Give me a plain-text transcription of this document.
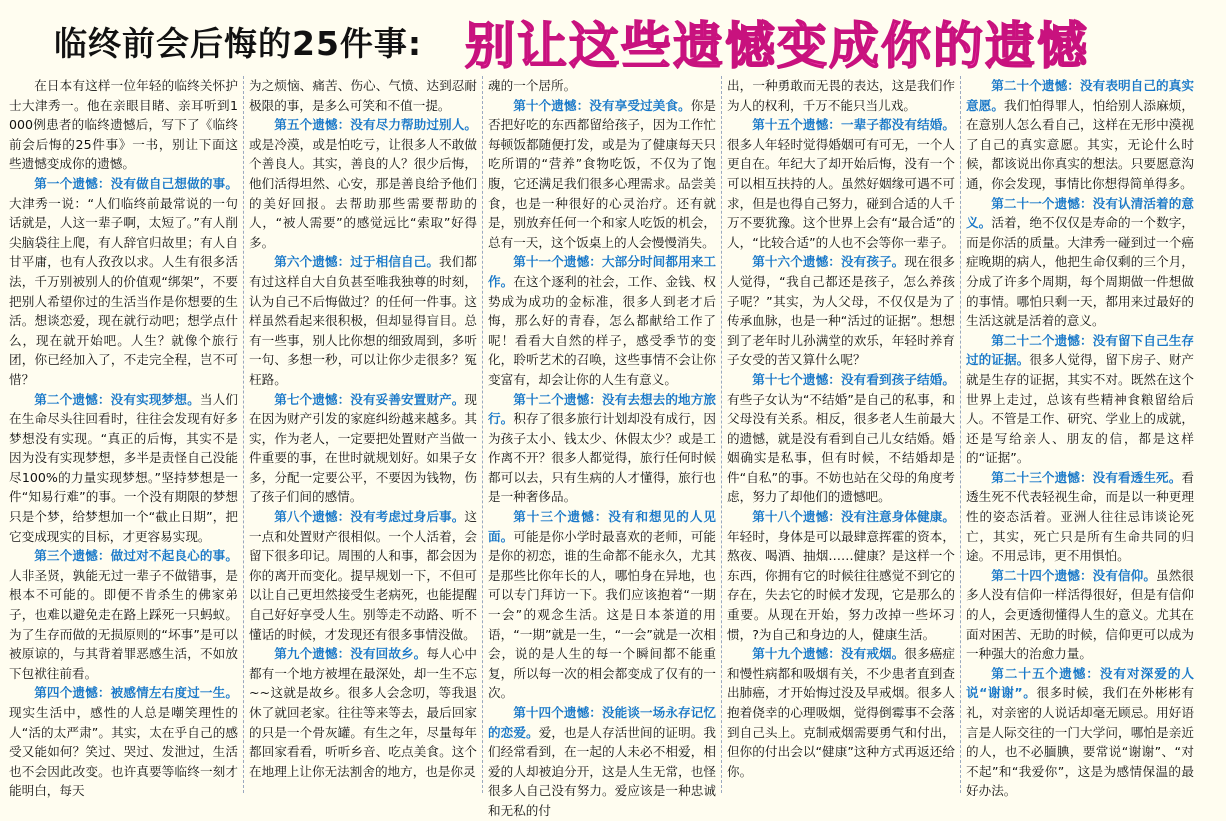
临终前会后悔的25件事: 别让这些遗憾变成你的遗憾

在日本有这样一位年轻的临终关怀护士大津秀一。他在亲眼目睹、亲耳听到1000例患者的临终遗憾后，写下了《临终前会后悔的25件事》一书，别让下面这些遗憾变成你的遗憾。

第一个遗憾：没有做自己想做的事。大津秀一说：“人们临终前最常说的一句话就是，人这一辈子啊，太短了。”有人削尖脑袋往上爬，有人辞官归故里；有人自甘平庸，也有人孜孜以求。人生有很多活法，千万别被别人的价值观“绑架”，不要把别人希望你过的生活当作是你想要的生活。想谈恋爱，现在就行动吧；想学点什么，现在就开始吧。人生？就像个旅行团，你已经加入了，不走完全程，岂不可惜？

第二个遗憾：没有实现梦想。当人们在生命尽头往回看时，往往会发现有好多梦想没有实现。“真正的后悔，其实不是因为没有实现梦想，多半是责怪自己没能尽100%的力量实现梦想。”坚持梦想是一件“知易行难”的事。一个没有期限的梦想只是个梦，给梦想加一个“截止日期”，把它变成现实的目标，才更容易实现。

第三个遗憾：做过对不起良心的事。人非圣贤，孰能无过一辈子不做错事，是根本不可能的。即便不肯杀生的佛家弟子，也难以避免走在路上踩死一只蚂蚁。为了生存而做的无损原则的“坏事”是可以被原谅的，与其背着罪恶感生活，不如放下包袱往前看。

第四个遗憾：被感情左右度过一生。现实生活中，感性的人总是嘲笑理性的人“活的太严肃”。其实，太在乎自己的感受又能如何？笑过、哭过、发泄过，生活也不会因此改变。也许真要等临终一刻才能明白，每天

为之烦恼、痛苦、伤心、气愤、达到忍耐极限的事，是多么可笑和不值一提。

第五个遗憾：没有尽力帮助过别人。或是冷漠，或是怕吃亏，让很多人不敢做个善良人。其实，善良的人？很少后悔，他们活得坦然、心安，那是善良给予他们的美好回报。去帮助那些需要帮助的人，“被人需要”的感觉远比“索取”好得多。

第六个遗憾：过于相信自己。我们都有过这样自大自负甚至唯我独尊的时刻，认为自己不后悔做过？的任何一件事。这样虽然看起来很积极，但却显得盲目。总有一些事，别人比你想的细致周到，多听一句、多想一秒，可以让你少走很多？冤枉路。

第七个遗憾：没有妥善安置财产。现在因为财产引发的家庭纠纷越来越多。其实，作为老人，一定要把处置财产当做一件重要的事，在世时就规划好。如果子女多，分配一定要公平，不要因为钱物，伤了孩子们间的感情。

第八个遗憾：没有考虑过身后事。这一点和处置财产很相似。一个人活着，会留下很多印记。周围的人和事，都会因为你的离开而变化。提早规划一下，不但可以让自己更坦然接受生老病死，也能提醒自己好好享受人生。别等走不动路、听不懂话的时候，才发现还有很多事情没做。

第九个遗憾：没有回故乡。每人心中都有一个地方被埋在最深处，却一生不忘~~这就是故乡。很多人会念叨，等我退休了就回老家。往往等来等去，最后回家的只是一个骨灰罐。有生之年，尽量每年都回家看看，听听乡音、吃点美食。这个在地理上让你无法割舍的地方，也是你灵

魂的一个居所。

第十个遗憾：没有享受过美食。你是否把好吃的东西都留给孩子，因为工作忙每顿饭都随便打发，或是为了健康每天只吃所谓的“营养”食物吃饭，不仅为了饱腹，它还满足我们很多心理需求。品尝美食，也是一种很好的心灵治疗。还有就是，别放弃任何一个和家人吃饭的机会，总有一天，这个饭桌上的人会慢慢消失。

第十一个遗憾：大部分时间都用来工作。在这个逐利的社会，工作、金钱、权势成为成功的金标准，很多人到老才后悔，那么好的青春，怎么都献给工作了呢！看看大自然的样子，感受季节的变化，聆听艺术的召唤，这些事情不会让你变富有，却会让你的人生有意义。

第十二个遗憾：没有去想去的地方旅行。积存了很多旅行计划却没有成行，因为孩子太小、钱太少、休假太少？或是工作离不开？很多人都觉得，旅行任何时候都可以去，只有生病的人才懂得，旅行也是一种奢侈品。

第十三个遗憾：没有和想见的人见面。可能是你小学时最喜欢的老师，可能是你的初恋，谁的生命都不能永久，尤其是那些比你年长的人，哪怕身在异地，也可以专门拜访一下。我们应该抱着“一期一会”的观念生活。这是日本茶道的用语，“一期”就是一生，“一会”就是一次相会，说的是人生的每一个瞬间都不能重复，所以每一次的相会都变成了仅有的一次。

第十四个遗憾：没能谈一场永存记忆的恋爱。爱，也是人存活世间的证明。我们经常看到，在一起的人未必不相爱，相爱的人却被迫分开，这是人生无常，也怪很多人自己没有努力。爱应该是一种忠诚和无私的付

出，一种勇敢而无畏的表达，这是我们作为人的权利，千万不能只当儿戏。

第十五个遗憾：一辈子都没有结婚。很多人年轻时觉得婚姻可有可无，一个人更自在。年纪大了却开始后悔，没有一个可以相互扶持的人。虽然好姻缘可遇不可求，但是也得自己努力，碰到合适的人千万不要犹豫。这个世界上会有“最合适”的人，“比较合适”的人也不会等你一辈子。

第十六个遗憾：没有孩子。现在很多人觉得，“我自己都还是孩子，怎么养孩子呢？”其实，为人父母，不仅仅是为了传承血脉，也是一种“活过的证据”。想想到了老年时儿孙满堂的欢乐，年轻时养育子女受的苦又算什么呢？

第十七个遗憾：没有看到孩子结婚。有些子女认为“不结婚”是自己的私事，和父母没有关系。相反，很多老人生前最大的遗憾，就是没有看到自己儿女结婚。婚姻确实是私事，但有时候，不结婚却是件“自私”的事。不妨也站在父母的角度考虑，努力了却他们的遗憾吧。

第十八个遗憾：没有注意身体健康。年轻时，身体是可以最肆意挥霍的资本，熬夜、喝酒、抽烟……健康？是这样一个东西，你拥有它的时候往往感觉不到它的存在，失去它的时候才发现，它是那么的重要。从现在开始，努力改掉一些坏习惯，?为自己和身边的人，健康生活。

第十九个遗憾：没有戒烟。很多癌症和慢性病都和吸烟有关，不少患者直到查出肺癌，才开始悔过没及早戒烟。很多人抱着侥幸的心理吸烟，觉得倒霉事不会落到自己头上。克制戒烟需要勇气和付出，但你的付出会以“健康”这种方式再返还给你。

第二十个遗憾：没有表明自己的真实意愿。我们怕得罪人，怕给别人添麻烦，在意别人怎么看自己，这样在无形中漠视了自己的真实意愿。其实，无论什么时候，都该说出你真实的想法。只要愿意沟通，你会发现，事情比你想得简单得多。

第二十一个遗憾：没有认清活着的意义。活着，绝不仅仅是寿命的一个数字，而是你活的质量。大津秀一碰到过一个癌症晚期的病人，他把生命仅剩的三个月，分成了许多个周期，每个周期做一件想做的事情。哪怕只剩一天，都用来过最好的生活这就是活着的意义。

第二十二个遗憾：没有留下自己生存过的证据。很多人觉得，留下房子、财产就是生存的证据，其实不对。既然在这个世界上走过，总该有些精神食粮留给后人。不管是工作、研究、学业上的成就，还是写给亲人、朋友的信，都是这样的“证据”。

第二十三个遗憾：没有看透生死。看透生死不代表轻视生命，而是以一种更理性的姿态活着。亚洲人往往忌讳谈论死亡，其实，死亡只是所有生命共同的归途。不用忌讳，更不用惧怕。

第二十四个遗憾：没有信仰。虽然很多人没有信仰一样活得很好，但是有信仰的人，会更透彻懂得人生的意义。尤其在面对困苦、无助的时候，信仰更可以成为一种强大的治愈力量。

第二十五个遗憾：没有对深爱的人说“谢谢”。很多时候，我们在外彬彬有礼，对亲密的人说话却毫无顾忌。用好语言是人际交往的一门大学问，哪怕是亲近的人，也不必腼腆，要常说“谢谢”、“对不起”和“我爱你”，这是为感情保温的最好办法。
